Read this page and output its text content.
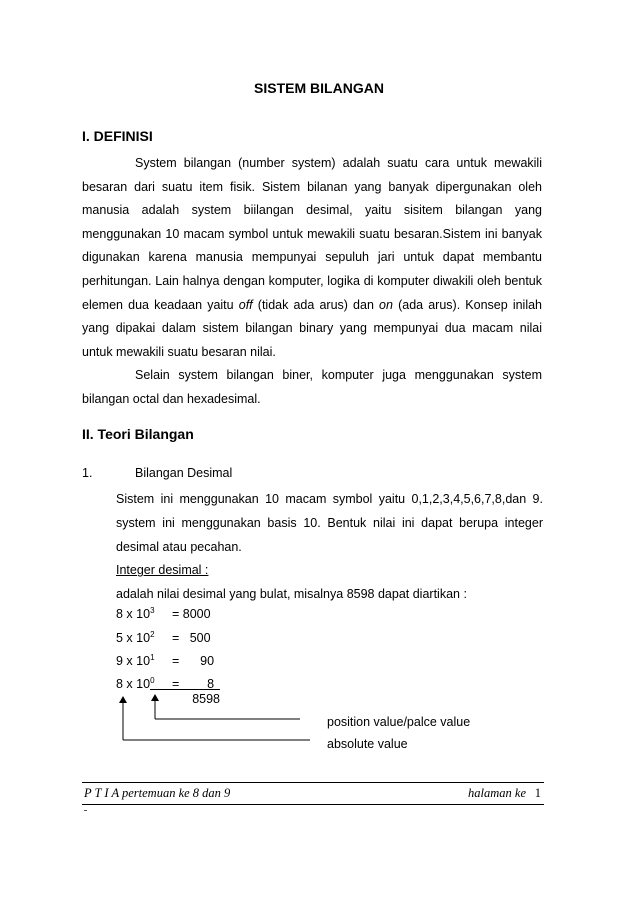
SISTEM BILANGAN
I. DEFINISI

System bilangan (number system) adalah suatu cara untuk mewakili besaran dari suatu item fisik. Sistem bilanan yang banyak dipergunakan oleh manusia adalah system biilangan desimal, yaitu sisitem bilangan yang menggunakan 10 macam symbol untuk mewakili suatu besaran.Sistem ini banyak digunakan karena manusia mempunyai sepuluh jari untuk dapat membantu perhitungan. Lain halnya dengan komputer, logika di komputer diwakili oleh bentuk elemen dua keadaan yaitu off (tidak ada arus) dan on (ada arus). Konsep inilah yang dipakai dalam sistem bilangan binary yang mempunyai dua macam nilai untuk mewakili suatu besaran nilai.

Selain system bilangan biner, komputer juga menggunakan system bilangan octal dan hexadesimal.

II. Teori Bilangan
1.	Bilangan Desimal
Sistem ini menggunakan 10 macam symbol yaitu 0,1,2,3,4,5,6,7,8,dan 9. system ini menggunakan basis 10. Bentuk nilai ini dapat berupa integer desimal atau pecahan.
Integer desimal :
adalah nilai desimal yang bulat, misalnya 8598 dapat diartikan :
8 x $10^3 = 8000$
5 x $10^2 = 500$
9 x $10^1$ =      90
8 x $10^0$ =        8
8598
position value/palce value
absolute value
P T I A pertemuan ke 8 dan 9	halaman ke 1
